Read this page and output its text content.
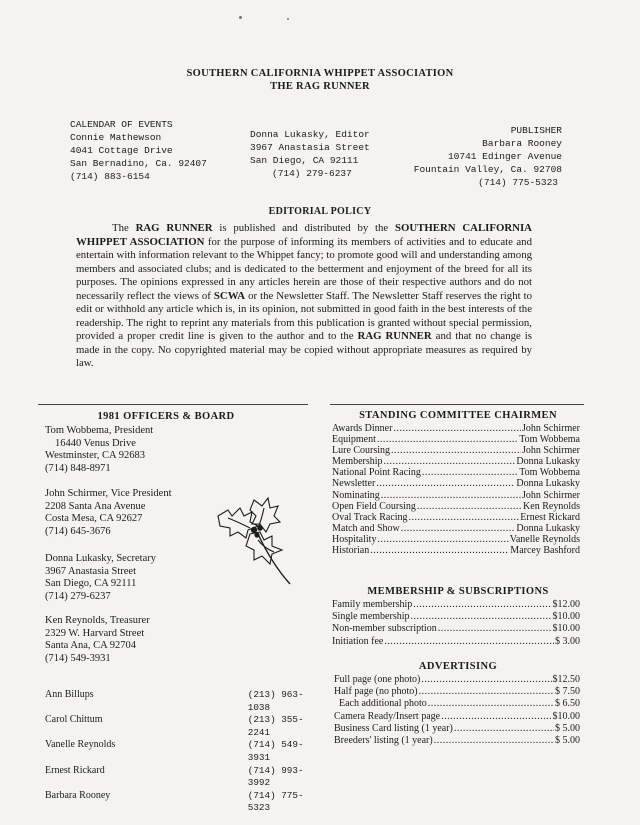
SOUTHERN CALIFORNIA WHIPPET ASSOCIATION
THE RAG RUNNER
CALENDAR OF EVENTS
Connie Mathewson
4041 Cottage Drive
San Bernadino, Ca. 92407
(714) 883-6154
Donna Lukasky, Editor
3967 Anastasia Street
San Diego, CA 92111
(714) 279-6237
PUBLISHER
Barbara Rooney
10741 Edinger Avenue
Fountain Valley, Ca. 92708
(714) 775-5323
EDITORIAL POLICY
The RAG RUNNER is published and distributed by the SOUTHERN CALIFORNIA WHIPPET ASSOCIATION for the purpose of informing its members of activities and to educate and entertain with information relevant to the Whippet fancy; to promote good will and understanding among members and associated clubs; and is dedicated to the betterment and enjoyment of the breed for all its purposes. The opinions expressed in any articles herein are those of their respective authors and do not necessarily reflect the views of SCWA or the Newsletter Staff. The Newsletter Staff reserves the right to edit or withhold any article which is, in its opinion, not submitted in good faith in the best interests of the readership. The right to reprint any materials from this publication is granted without special permission, provided a proper credit line is given to the author and to the RAG RUNNER and that no change is made in the copy. No copyrighted material may be copied without appropriate measures as required by law.
1981 OFFICERS & BOARD
Tom Wobbema, President
16440 Venus Drive
Westminster, CA 92683
(714) 848-8971
John Schirmer, Vice President
2208 Santa Ana Avenue
Costa Mesa, CA 92627
(714) 645-3676
Donna Lukasky, Secretary
3967 Anastasia Street
San Diego, CA 92111
(714) 279-6237
Ken Reynolds, Treasurer
2329 W. Harvard Street
Santa Ana, CA 92704
(714) 549-3931
Ann Billups	(213) 963-1038
Carol Chittum	(213) 355-2241
Vanelle Reynolds	(714) 549-3931
Ernest Rickard	(714) 993-3992
Barbara Rooney	(714) 775-5323
STANDING COMMITTEE CHAIRMEN
Awards Dinner .....	John Schirmer
Equipment .....	Tom Wobbema
Lure Coursing .....	John Schirmer
Membership .....	Donna Lukasky
National Point Racing .....	Tom Wobbema
Newsletter .....	Donna Lukasky
Nominating .....	John Schirmer
Open Field Coursing .....	Ken Reynolds
Oval Track Racing .....	Ernest Rickard
Match and Show .....	Donna Lukasky
Hospitality .....	Vanelle Reynolds
Historian .....	Marcey Bashford
MEMBERSHIP & SUBSCRIPTIONS
Family membership .....	$12.00
Single membership .....	$10.00
Non-member subscription .....	$10.00
Initiation fee .....	$ 3.00
ADVERTISING
Full page (one photo) .....	$12.50
Half page (no photo) .....	$ 7.50
Each additional photo .....	$ 6.50
Camera Ready/Insert page .....	$10.00
Business Card listing (1 year) .....	$ 5.00
Breeders' listing (1 year) .....	$ 5.00
